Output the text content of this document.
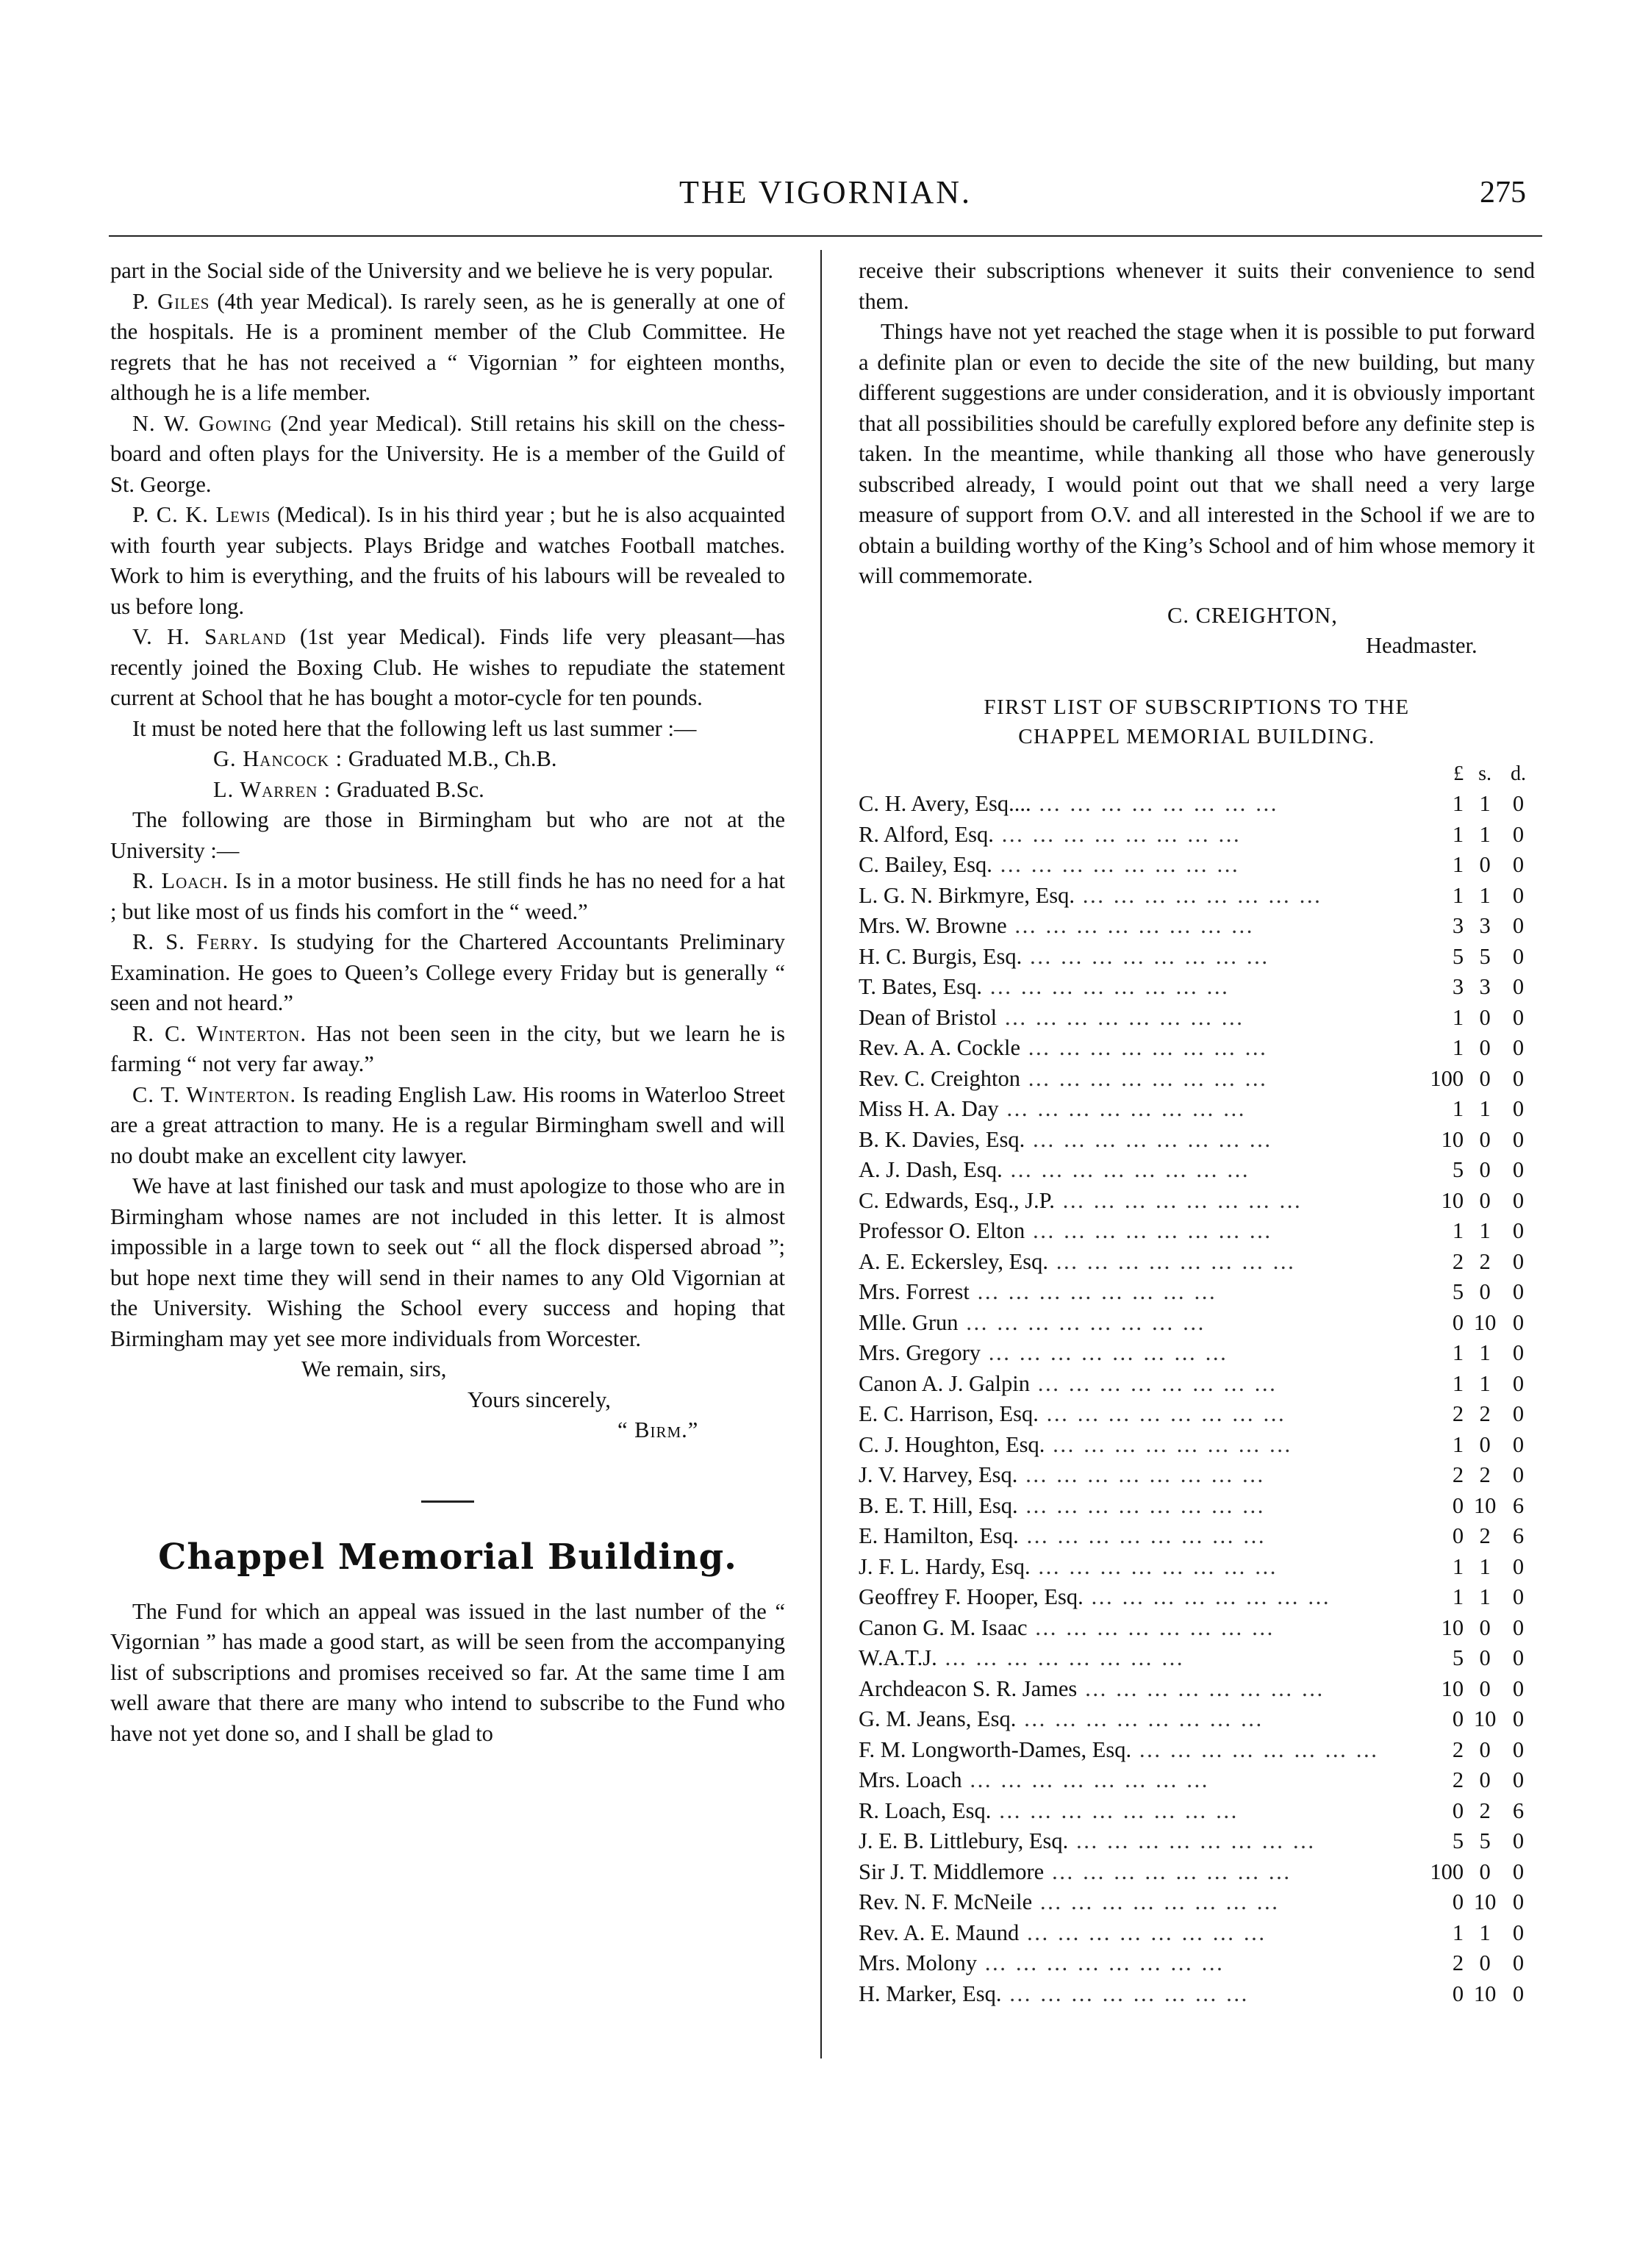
THE VIGORNIAN.	275

part in the Social side of the University and we believe he is very popular.

P. Giles (4th year Medical). Is rarely seen, as he is generally at one of the hospitals. He is a prominent member of the Club Committee. He regrets that he has not received a “ Vigornian ” for eighteen months, although he is a life member.

N. W. Gowing (2nd year Medical). Still retains his skill on the chess-board and often plays for the University. He is a member of the Guild of St. George.

P. C. K. Lewis (Medical). Is in his third year ; but he is also acquainted with fourth year subjects. Plays Bridge and watches Football matches. Work to him is everything, and the fruits of his labours will be revealed to us before long.

V. H. Sarland (1st year Medical). Finds life very pleasant—has recently joined the Boxing Club. He wishes to repudiate the statement current at School that he has bought a motor-cycle for ten pounds.

It must be noted here that the following left us last summer :—

G. Hancock : Graduated M.B., Ch.B.

L. Warren : Graduated B.Sc.

The following are those in Birmingham but who are not at the University :—

R. Loach. Is in a motor business. He still finds he has no need for a hat ; but like most of us finds his comfort in the “ weed.”

R. S. Ferry. Is studying for the Chartered Accountants Preliminary Examination. He goes to Queen’s College every Friday but is generally “ seen and not heard.”

R. C. Winterton. Has not been seen in the city, but we learn he is farming “ not very far away.”

C. T. Winterton. Is reading English Law. His rooms in Waterloo Street are a great attraction to many. He is a regular Birmingham swell and will no doubt make an excellent city lawyer.

We have at last finished our task and must apologize to those who are in Birmingham whose names are not included in this letter. It is almost impossible in a large town to seek out “ all the flock dispersed abroad ”; but hope next time they will send in their names to any Old Vigornian at the University. Wishing the School every success and hoping that Birmingham may yet see more individuals from Worcester.

We remain, sirs,

Yours sincerely,

“ Birm.”

Chappel Memorial Building.

The Fund for which an appeal was issued in the last number of the “ Vigornian ” has made a good start, as will be seen from the accompanying list of subscriptions and promises received so far. At the same time I am well aware that there are many who intend to subscribe to the Fund who have not yet done so, and I shall be glad to

receive their subscriptions whenever it suits their convenience to send them.

Things have not yet reached the stage when it is possible to put forward a definite plan or even to decide the site of the new building, but many different suggestions are under consideration, and it is obviously important that all possibilities should be carefully explored before any definite step is taken. In the meantime, while thanking all those who have generously subscribed already, I would point out that we shall need a very large measure of support from O.V. and all interested in the School if we are to obtain a building worthy of the King’s School and of him whose memory it will commemorate.

C. CREIGHTON,

Headmaster.

FIRST LIST OF SUBSCRIPTIONS TO THE
CHAPPEL MEMORIAL BUILDING.
	£	s.	d.
C. H. Avery, Esq.... … … … … … … … …	1	1	0
R. Alford, Esq. … … … … … … … …	1	1	0
C. Bailey, Esq. … … … … … … … …	1	0	0
L. G. N. Birkmyre, Esq. … … … … … … … …	1	1	0
Mrs. W. Browne … … … … … … … …	3	3	0
H. C. Burgis, Esq. … … … … … … … …	5	5	0
T. Bates, Esq. … … … … … … … …	3	3	0
Dean of Bristol … … … … … … … …	1	0	0
Rev. A. A. Cockle … … … … … … … …	1	0	0
Rev. C. Creighton … … … … … … … …	100	0	0
Miss H. A. Day … … … … … … … …	1	1	0
B. K. Davies, Esq. … … … … … … … …	10	0	0
A. J. Dash, Esq. … … … … … … … …	5	0	0
C. Edwards, Esq., J.P. … … … … … … … …	10	0	0
Professor O. Elton … … … … … … … …	1	1	0
A. E. Eckersley, Esq. … … … … … … … …	2	2	0
Mrs. Forrest … … … … … … … …	5	0	0
Mlle. Grun … … … … … … … …	0	10	0
Mrs. Gregory … … … … … … … …	1	1	0
Canon A. J. Galpin … … … … … … … …	1	1	0
E. C. Harrison, Esq. … … … … … … … …	2	2	0
C. J. Houghton, Esq. … … … … … … … …	1	0	0
J. V. Harvey, Esq. … … … … … … … …	2	2	0
B. E. T. Hill, Esq. … … … … … … … …	0	10	6
E. Hamilton, Esq. … … … … … … … …	0	2	6
J. F. L. Hardy, Esq. … … … … … … … …	1	1	0
Geoffrey F. Hooper, Esq. … … … … … … … …	1	1	0
Canon G. M. Isaac … … … … … … … …	10	0	0
W.A.T.J. … … … … … … … …	5	0	0
Archdeacon S. R. James … … … … … … … …	10	0	0
G. M. Jeans, Esq. … … … … … … … …	0	10	0
F. M. Longworth-Dames, Esq. … … … … … … … …	2	0	0
Mrs. Loach … … … … … … … …	2	0	0
R. Loach, Esq. … … … … … … … …	0	2	6
J. E. B. Littlebury, Esq. … … … … … … … …	5	5	0
Sir J. T. Middlemore … … … … … … … …	100	0	0
Rev. N. F. McNeile … … … … … … … …	0	10	0
Rev. A. E. Maund … … … … … … … …	1	1	0
Mrs. Molony … … … … … … … …	2	0	0
H. Marker, Esq. … … … … … … … …	0	10	0
